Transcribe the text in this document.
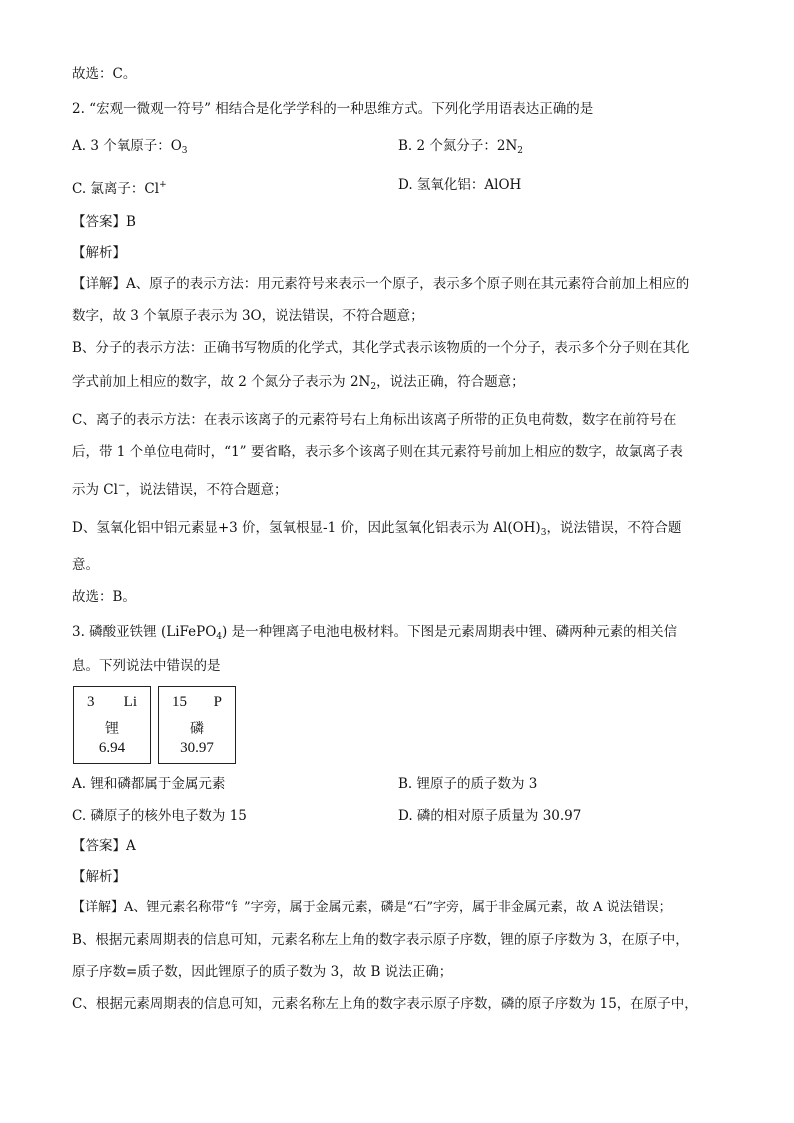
故选：C。
2. “宏观一微观一符号” 相结合是化学学科的一种思维方式。下列化学用语表达正确的是
A. 3 个氧原子：$O_3$	B. 2 个氮分子：$2N_2$
C. 氯离子：Cl+	D. 氢氧化铝：AlOH
【答案】B
【解析】
【详解】A、原子的表示方法：用元素符号来表示一个原子，表示多个原子则在其元素符合前加上相应的
数字，故 3 个氧原子表示为 3O，说法错误，不符合题意；
B、分子的表示方法：正确书写物质的化学式，其化学式表示该物质的一个分子，表示多个分子则在其化
学式前加上相应的数字，故 2 个氮分子表示为 $2N_2$，说法正确，符合题意；
C、离子的表示方法：在表示该离子的元素符号右上角标出该离子所带的正负电荷数，数字在前符号在
后，带 1 个单位电荷时，“1” 要省略，表示多个该离子则在其元素符号前加上相应的数字，故氯离子表
示为 Cl−，说法错误，不符合题意；
D、氢氧化铝中铝元素显+3 价，氢氧根显-1 价，因此氢氧化铝表示为 $Al(OH)_3$，说法错误，不符合题
意。
故选：B。
3. 磷酸亚铁锂 (LiFePO$_4$) 是一种锂离子电池电极材料。下图是元素周期表中锂、磷两种元素的相关信
息。下列说法中错误的是
3 Li
锂
6.94
15 P
磷
30.97
A. 锂和磷都属于金属元素	B. 锂原子的质子数为 3
C. 磷原子的核外电子数为 15	D. 磷的相对原子质量为 30.97
【答案】A
【解析】
【详解】A、锂元素名称带“钅”字旁，属于金属元素，磷是“石”字旁，属于非金属元素，故 A 说法错误；
B、根据元素周期表的信息可知，元素名称左上角的数字表示原子序数，锂的原子序数为 3，在原子中，
原子序数=质子数，因此锂原子的质子数为 3，故 B 说法正确；
C、根据元素周期表的信息可知，元素名称左上角的数字表示原子序数，磷的原子序数为 15，在原子中，
